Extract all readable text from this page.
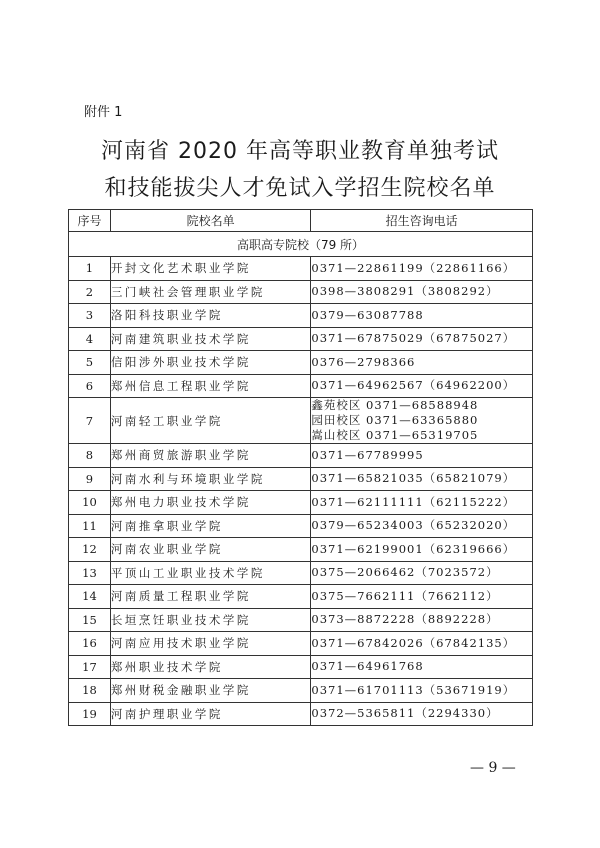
附件 1
河南省 2020 年高等职业教育单独考试
和技能拔尖人才免试入学招生院校名单
序号	院校名单	招生咨询电话
高职高专院校（79 所）		
1	开封文化艺术职业学院	0371—22861199（22861166）

2	三门峡社会管理职业学院	0398—3808291（3808292）

3	洛阳科技职业学院	0379—63087788

4	河南建筑职业技术学院	0371—67875029（67875027）

5	信阳涉外职业技术学院	0376—2798366

6	郑州信息工程职业学院	0371—64962567（64962200）

7	河南轻工职业学院	鑫苑校区 0371—68588948
园田校区 0371—63365880
嵩山校区 0371—65319705

8	郑州商贸旅游职业学院	0371—67789995

9	河南水利与环境职业学院	0371—65821035（65821079）

10	郑州电力职业技术学院	0371—62111111（62115222）

11	河南推拿职业学院	0379—65234003（65232020）

12	河南农业职业学院	0371—62199001（62319666）

13	平顶山工业职业技术学院	0375—2066462（7023572）

14	河南质量工程职业学院	0375—7662111（7662112）

15	长垣烹饪职业技术学院	0373—8872228（8892228）

16	河南应用技术职业学院	0371—67842026（67842135）

17	郑州职业技术学院	0371—64961768

18	郑州财税金融职业学院	0371—61701113（53671919）

19	河南护理职业学院	0372—5365811（2294330）
— 9 —
